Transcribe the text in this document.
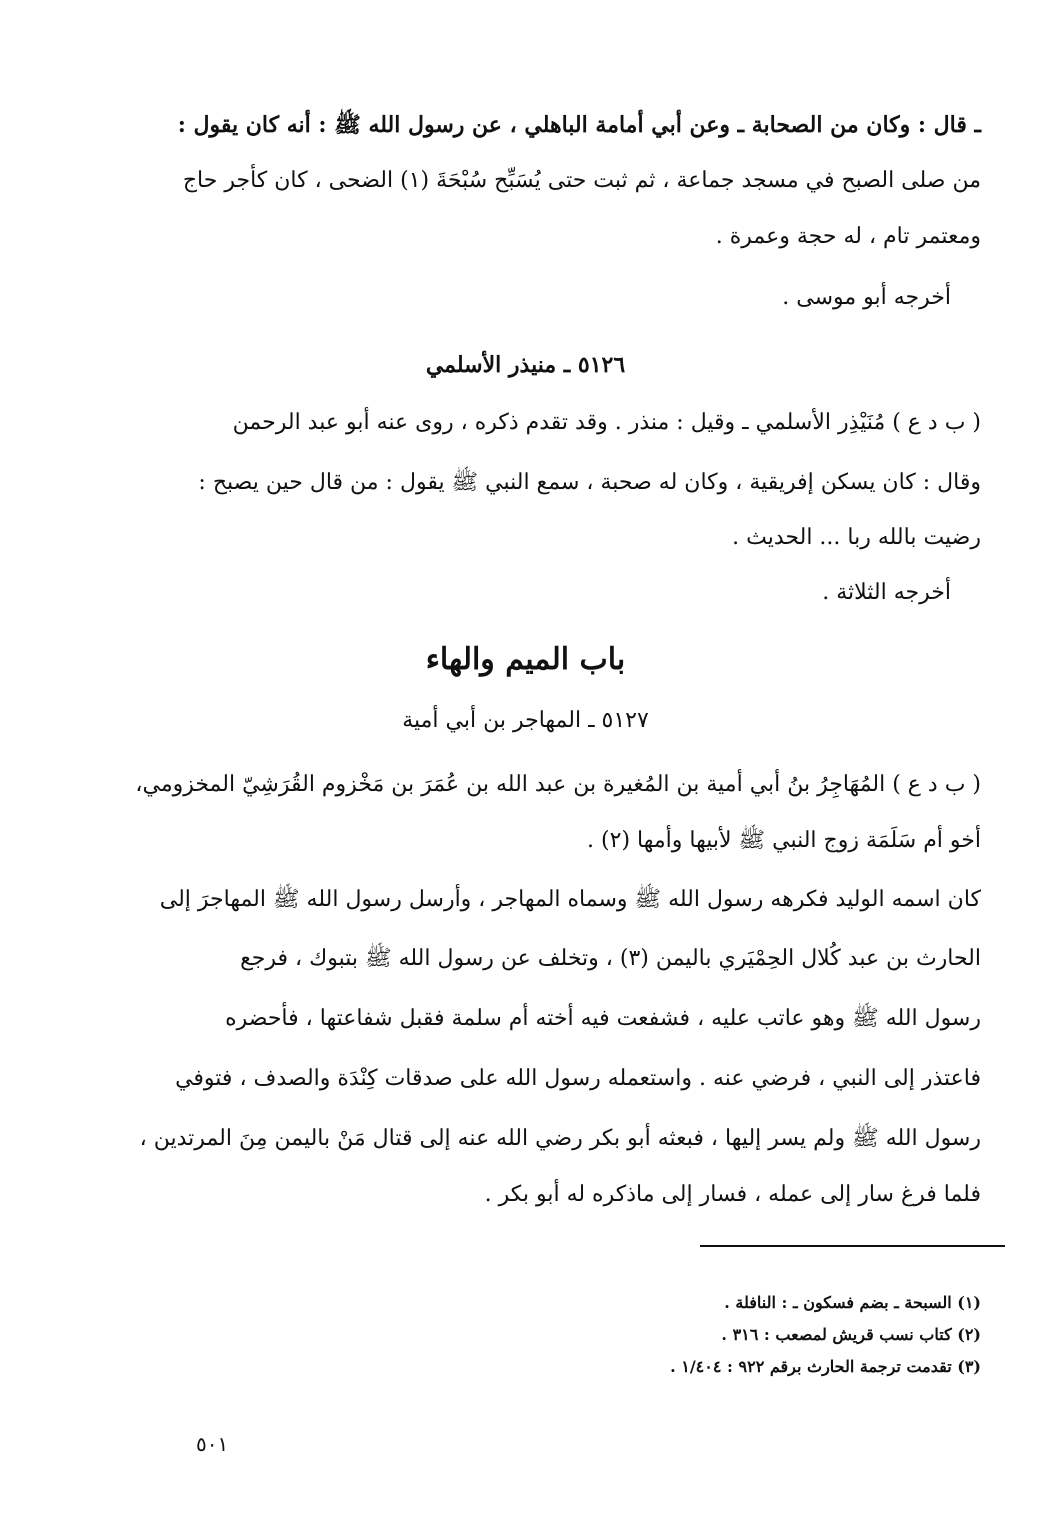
ـ قال : وكان من الصحابة ـ وعن أبي أمامة الباهلي ، عن رسول الله ﷺ : أنه كان يقول :
من صلى الصبح في مسجد جماعة ، ثم ثبت حتى يُسَبِّح سُبْحَةَ (١) الضحى ، كان كأجر حاج
ومعتمر تام ، له حجة وعمرة .
أخرجه أبو موسى .
٥١٢٦ ـ منيذر الأسلمي
( ب د ع ) مُنَيْذِر الأسلمي ـ وقيل : منذر . وقد تقدم ذكره ، روى عنه أبو عبد الرحمن
وقال : كان يسكن إفريقية ، وكان له صحبة ، سمع النبي ﷺ يقول : من قال حين يصبح :
رضيت بالله ربا ... الحديث .
أخرجه الثلاثة .
باب الميم والهاء
٥١٢٧ ـ المهاجر بن أبي أمية
( ب د ع ) المُهَاجِرُ بنُ أبي أمية بن المُغيرة بن عبد الله بن عُمَرَ بن مَخْزوم القُرَشِيّ المخزومي،
أخو أم سَلَمَة زوج النبي ﷺ لأبيها وأمها (٢) .
كان اسمه الوليد فكرهه رسول الله ﷺ وسماه المهاجر ، وأرسل رسول الله ﷺ المهاجرَ إلى
الحارث بن عبد كُلال الحِمْيَري باليمن (٣) ، وتخلف عن رسول الله ﷺ بتبوك ، فرجع
رسول الله ﷺ وهو عاتب عليه ، فشفعت فيه أخته أم سلمة فقبل شفاعتها ، فأحضره
فاعتذر إلى النبي ، فرضي عنه . واستعمله رسول الله على صدقات كِنْدَة والصدف ، فتوفي
رسول الله ﷺ ولم يسر إليها ، فبعثه أبو بكر رضي الله عنه إلى قتال مَنْ باليمن مِنَ المرتدين ،
فلما فرغ سار إلى عمله ، فسار إلى ماذكره له أبو بكر .
(١) السبحة ـ بضم فسكون ـ : النافلة .
(٢) كتاب نسب قريش لمصعب : ٣١٦ .
(٣) تقدمت ترجمة الحارث برقم ٩٢٢ : ١/٤٠٤ .
٥٠١
